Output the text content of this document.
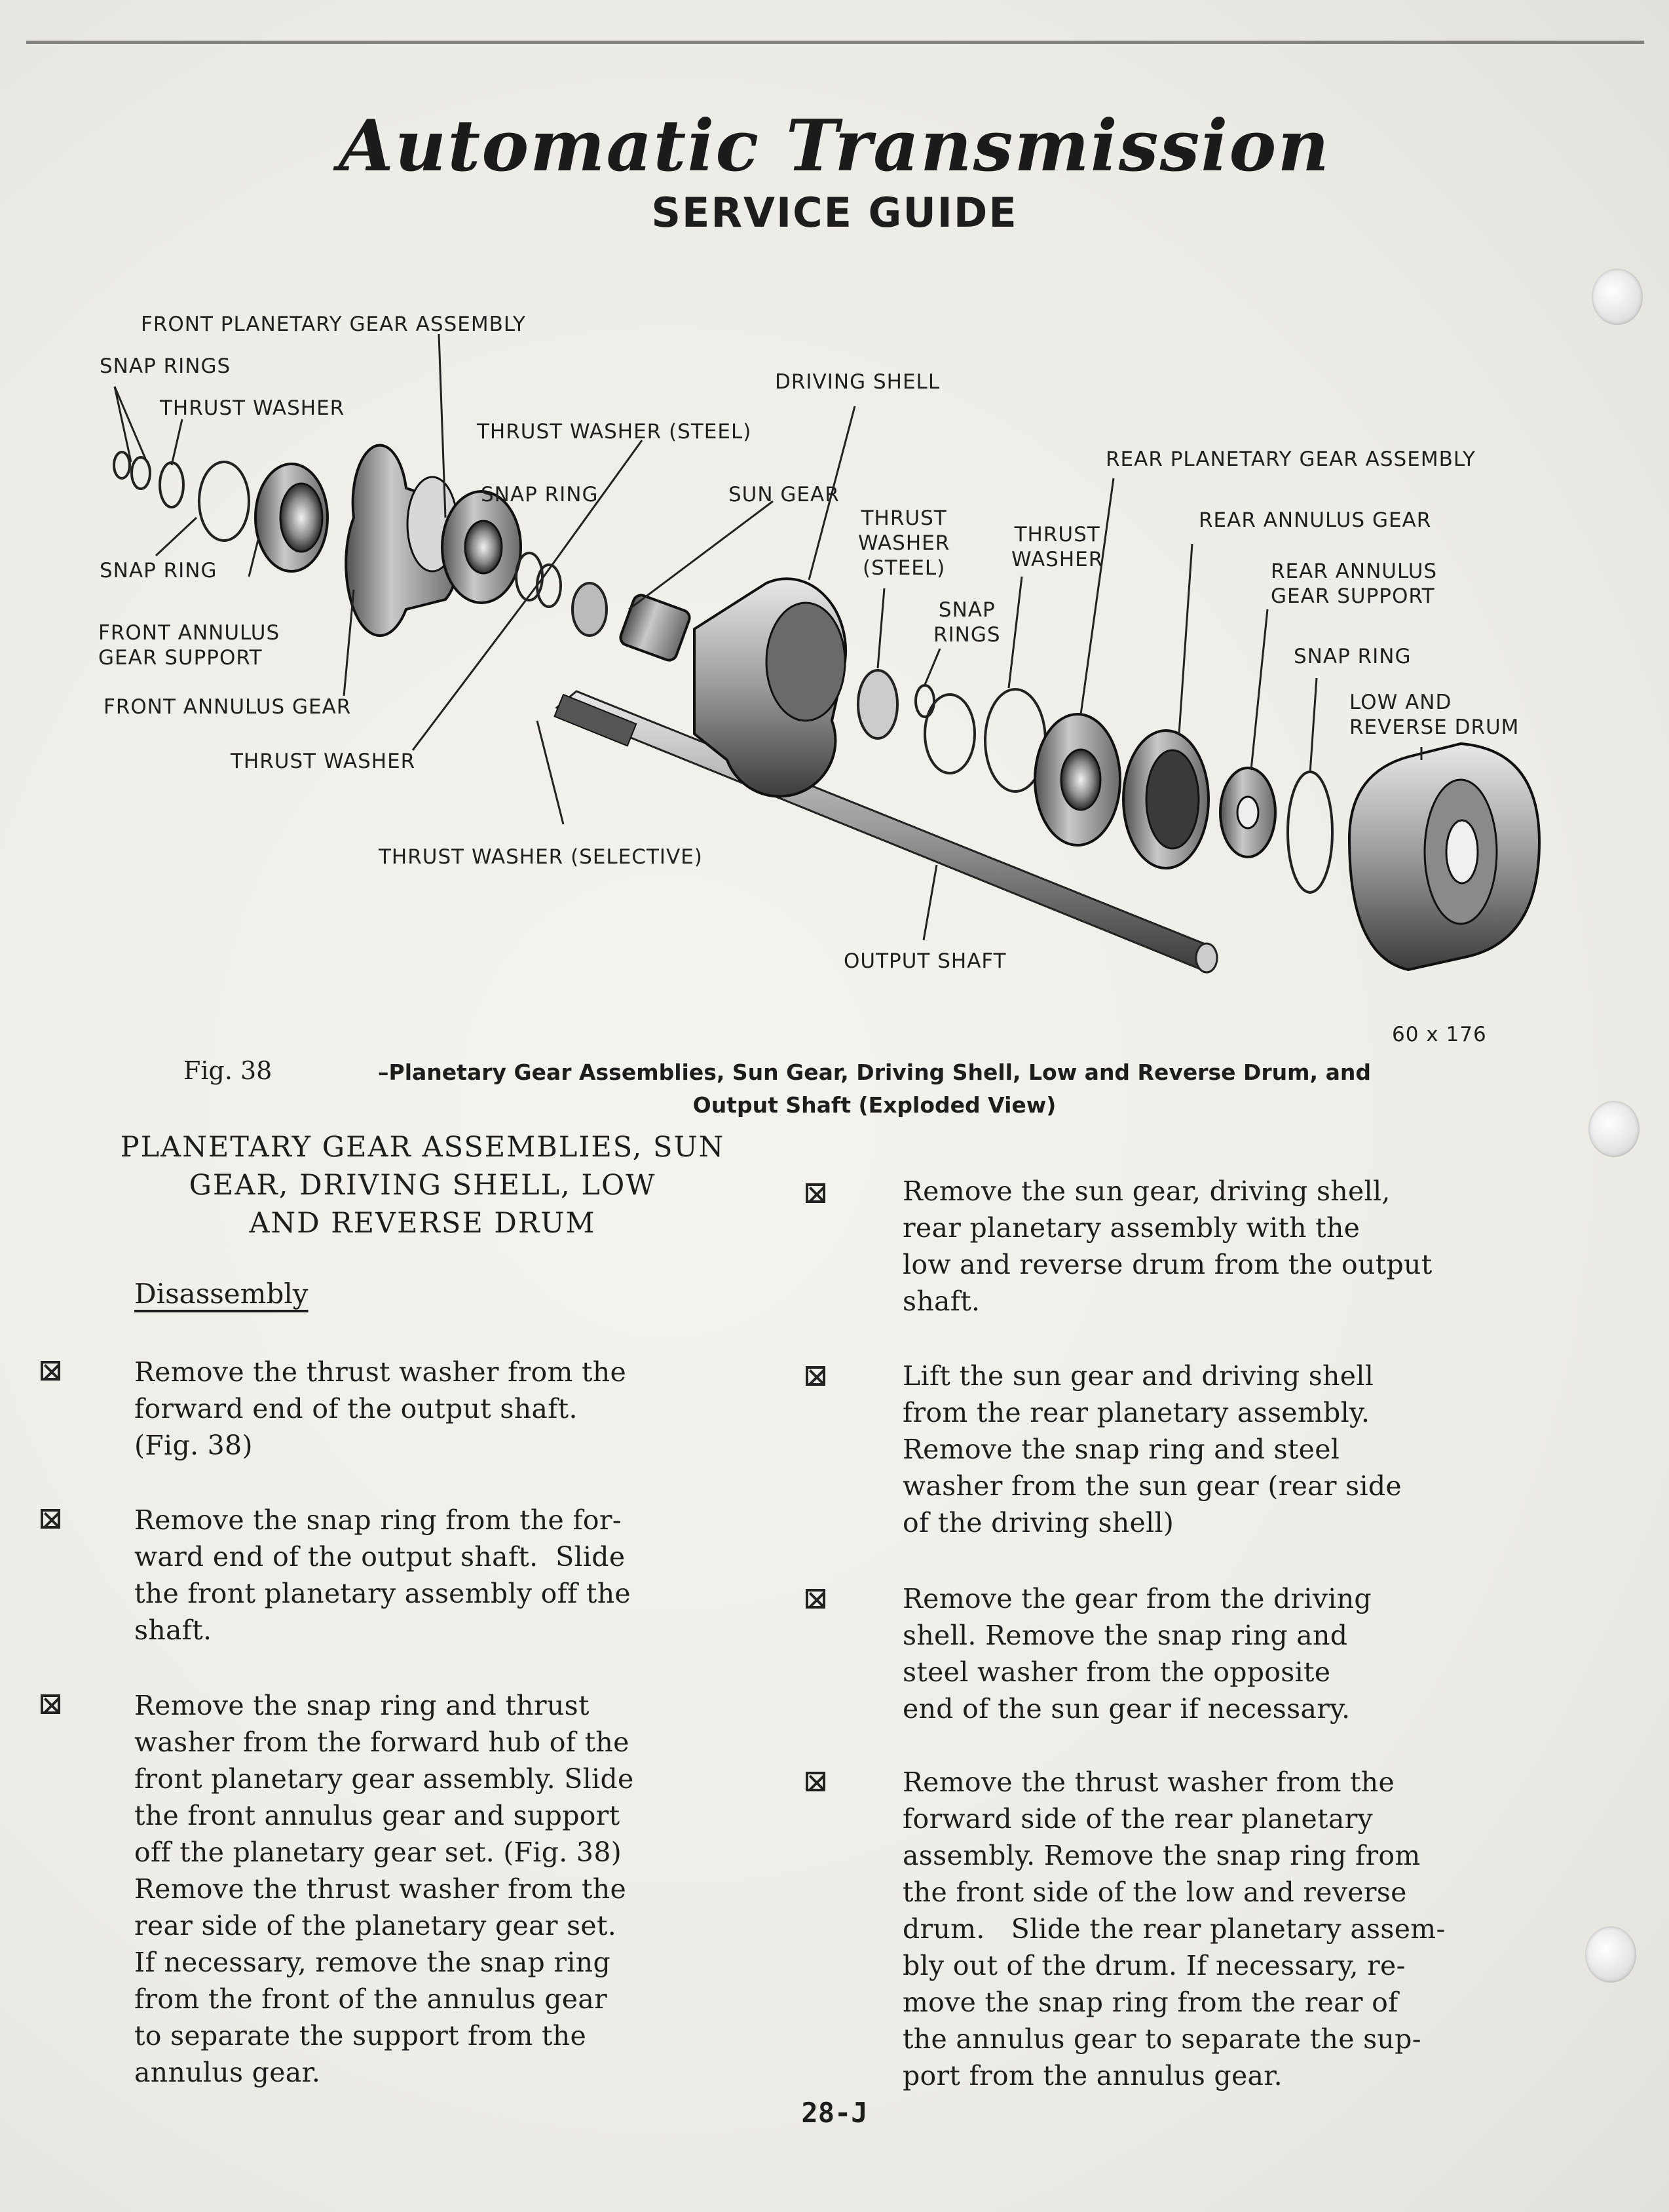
Automatic Transmission
SERVICE GUIDE
FRONT PLANETARY GEAR ASSEMBLY
SNAP RINGS
THRUST WASHER
THRUST WASHER (STEEL)
DRIVING SHELL
SNAP RING	SUN GEAR
SNAP RING
FRONT ANNULUS
GEAR SUPPORT
FRONT ANNULUS GEAR
THRUST WASHER
THRUST WASHER (SELECTIVE)
OUTPUT SHAFT
THRUST
WASHER
(STEEL)
THRUST
WASHER
SNAP
RINGS
REAR PLANETARY GEAR ASSEMBLY
REAR ANNULUS GEAR
REAR ANNULUS
GEAR SUPPORT
SNAP RING
LOW AND
REVERSE DRUM
60 x 176
Fig. 38	–Planetary Gear Assemblies, Sun Gear, Driving Shell, Low and Reverse Drum, and Output Shaft (Exploded View)
PLANETARY GEAR ASSEMBLIES, SUN
GEAR, DRIVING SHELL, LOW
AND REVERSE DRUM
Disassembly
Remove the thrust washer from the
forward end of the output shaft.
(Fig. 38)
Remove the snap ring from the for-
ward end of the output shaft.  Slide
the front planetary assembly off the
shaft.
Remove the snap ring and thrust
washer from the forward hub of the
front planetary gear assembly. Slide
the front annulus gear and support
off the planetary gear set. (Fig. 38)
Remove the thrust washer from the
rear side of the planetary gear set.
If necessary, remove the snap ring
from the front of the annulus gear
to separate the support from the
annulus gear.
Remove the sun gear, driving shell,
rear planetary assembly with the
low and reverse drum from the output
shaft.
Lift the sun gear and driving shell
from the rear planetary assembly.
Remove the snap ring and steel
washer from the sun gear (rear side
of the driving shell)
Remove the gear from the driving
shell. Remove the snap ring and
steel washer from the opposite
end of the sun gear if necessary.
Remove the thrust washer from the
forward side of the rear planetary
assembly. Remove the snap ring from
the front side of the low and reverse
drum.   Slide the rear planetary assem-
bly out of the drum. If necessary, re-
move the snap ring from the rear of
the annulus gear to separate the sup-
port from the annulus gear.
28-J
